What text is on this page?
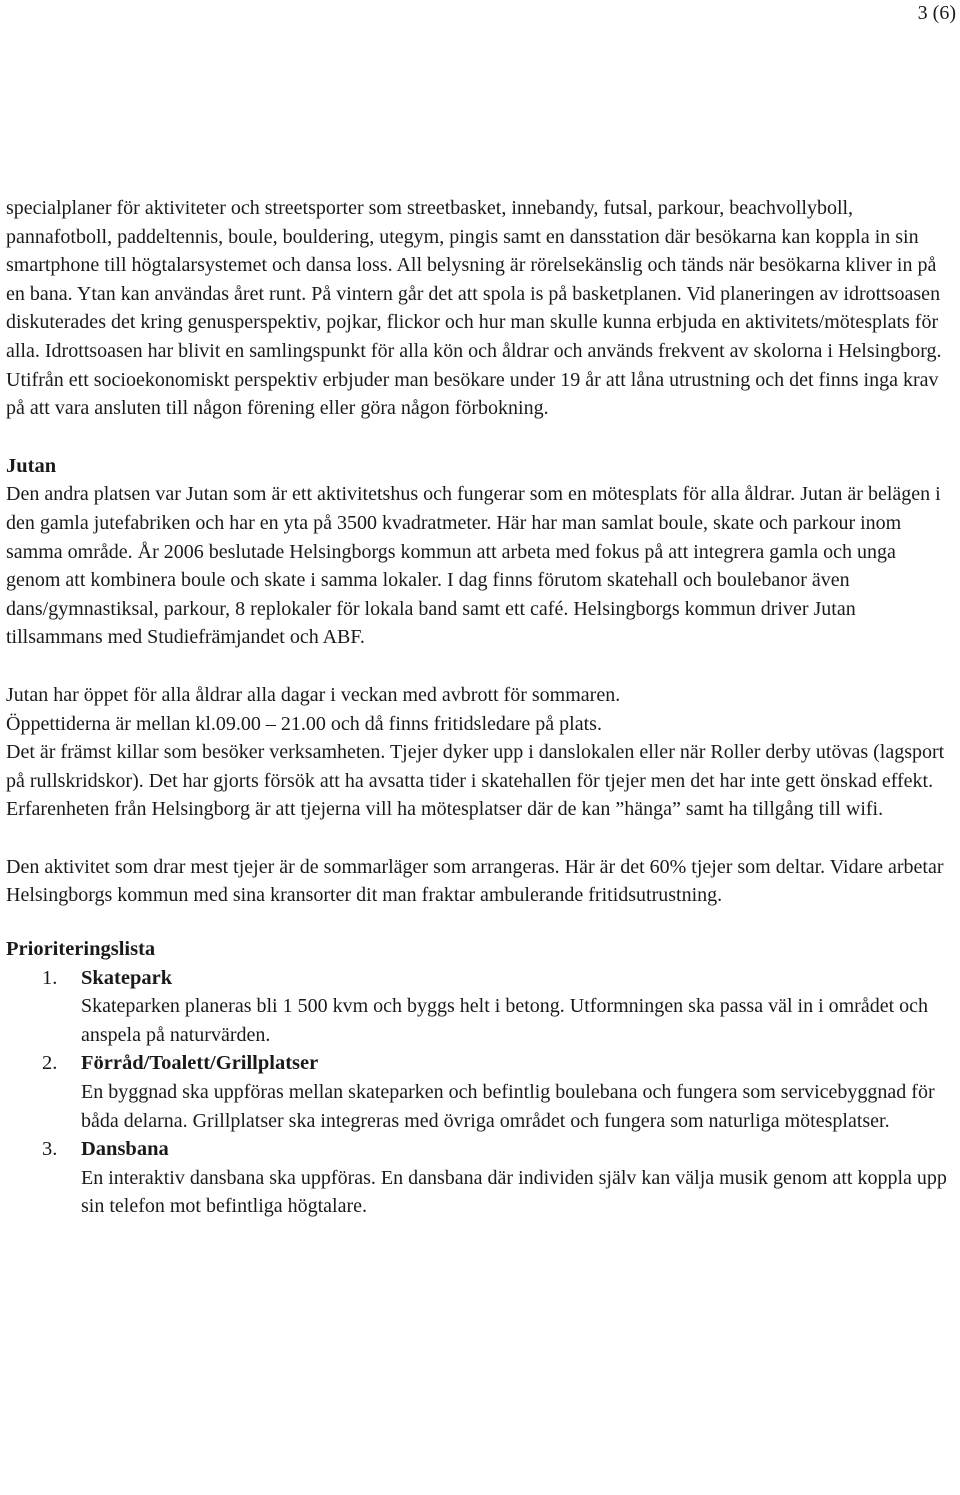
3 (6)

specialplaner för aktiviteter och streetsporter som streetbasket, innebandy, futsal, parkour, beachvollyboll, pannafotboll, paddeltennis, boule, bouldering, utegym, pingis samt en dansstation där besökarna kan koppla in sin smartphone till högtalarsystemet och dansa loss. All belysning är rörelsekänslig och tänds när besökarna kliver in på en bana. Ytan kan användas året runt. På vintern går det att spola is på basketplanen. Vid planeringen av idrottsoasen diskuterades det kring genusperspektiv, pojkar, flickor och hur man skulle kunna erbjuda en aktivitets/mötesplats för alla. Idrottsoasen har blivit en samlingspunkt för alla kön och åldrar och används frekvent av skolorna i Helsingborg. Utifrån ett socioekonomiskt perspektiv erbjuder man besökare under 19 år att låna utrustning och det finns inga krav på att vara ansluten till någon förening eller göra någon förbokning.

Jutan

Den andra platsen var Jutan som är ett aktivitetshus och fungerar som en mötesplats för alla åldrar. Jutan är belägen i den gamla jutefabriken och har en yta på 3500 kvadratmeter. Här har man samlat boule, skate och parkour inom samma område. År 2006 beslutade Helsingborgs kommun att arbeta med fokus på att integrera gamla och unga genom att kombinera boule och skate i samma lokaler. I dag finns förutom skatehall och boulebanor även dans/gymnastiksal, parkour, 8 replokaler för lokala band samt ett café. Helsingborgs kommun driver Jutan tillsammans med Studiefrämjandet och ABF.

Jutan har öppet för alla åldrar alla dagar i veckan med avbrott för sommaren.

Öppettiderna är mellan kl.09.00 – 21.00 och då finns fritidsledare på plats.

Det är främst killar som besöker verksamheten. Tjejer dyker upp i danslokalen eller när Roller derby utövas (lagsport på rullskridskor). Det har gjorts försök att ha avsatta tider i skatehallen för tjejer men det har inte gett önskad effekt. Erfarenheten från Helsingborg är att tjejerna vill ha mötesplatser där de kan ”hänga” samt ha tillgång till wifi.

Den aktivitet som drar mest tjejer är de sommarläger som arrangeras. Här är det 60% tjejer som deltar. Vidare arbetar Helsingborgs kommun med sina kransorter dit man fraktar ambulerande fritidsutrustning.

Prioriteringslista
1. Skatepark

Skateparken planeras bli 1 500 kvm och byggs helt i betong. Utformningen ska passa väl in i området och anspela på naturvärden.

2. Förråd/Toalett/Grillplatser

En byggnad ska uppföras mellan skateparken och befintlig boulebana och fungera som servicebyggnad för båda delarna. Grillplatser ska integreras med övriga området och fungera som naturliga mötesplatser.

3. Dansbana

En interaktiv dansbana ska uppföras. En dansbana där individen själv kan välja musik genom att koppla upp sin telefon mot befintliga högtalare.
